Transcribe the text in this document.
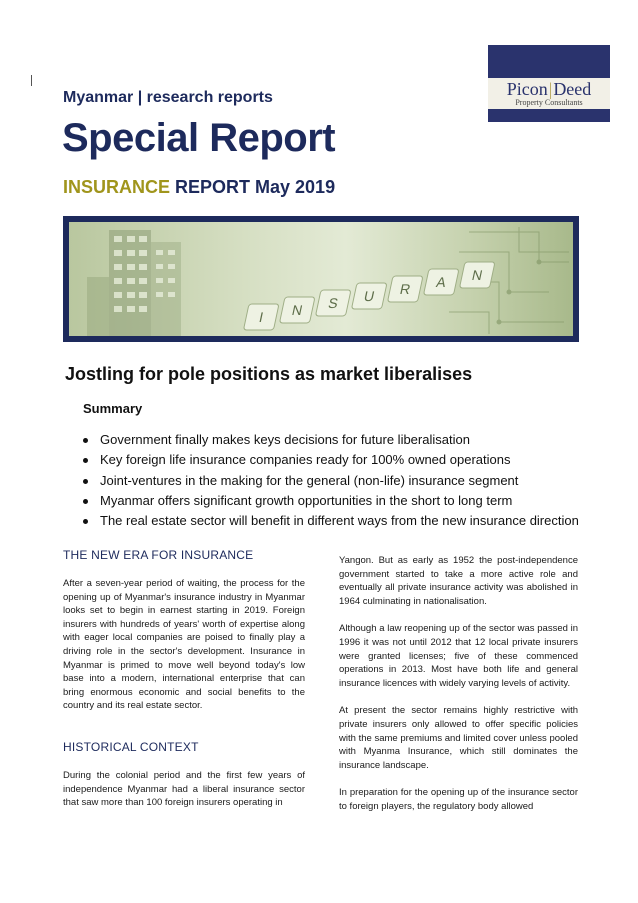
Myanmar | research reports
Special Report
INSURANCE REPORT May 2019
Picon|Deed
Property Consultants
I N S U R A N
Jostling for pole positions as market liberalises
Summary
Government finally makes keys decisions for future liberalisation
Key foreign life insurance companies ready for 100% owned operations
Joint-ventures in the making for the general (non-life) insurance segment
Myanmar offers significant growth opportunities in the short to long term
The real estate sector will benefit in different ways from the new insurance direction
THE NEW ERA FOR INSURANCE

After a seven-year period of waiting, the process for the opening up of Myanmar's insurance industry in Myanmar looks set to begin in earnest starting in 2019. Foreign insurers with hundreds of years' worth of expertise along with eager local companies are poised to finally play a driving role in the sector's development. Insurance in Myanmar is primed to move well beyond today's low base into a modern, international enterprise that can bring enormous economic and social benefits to the country and its real estate sector.

HISTORICAL CONTEXT

During the colonial period and the first few years of independence Myanmar had a liberal insurance sector that saw more than 100 foreign insurers operating in

Yangon. But as early as 1952 the post-independence government started to take a more active role and eventually all private insurance activity was abolished in 1964 culminating in nationalisation.

Although a law reopening up of the sector was passed in 1996 it was not until 2012 that 12 local private insurers were granted licenses; five of these commenced operations in 2013. Most have both life and general insurance licences with widely varying levels of activity.

At present the sector remains highly restrictive with private insurers only allowed to offer specific policies with the same premiums and limited cover unless pooled with Myanma Insurance, which still dominates the insurance landscape.

In preparation for the opening up of the insurance sector to foreign players, the regulatory body allowed
